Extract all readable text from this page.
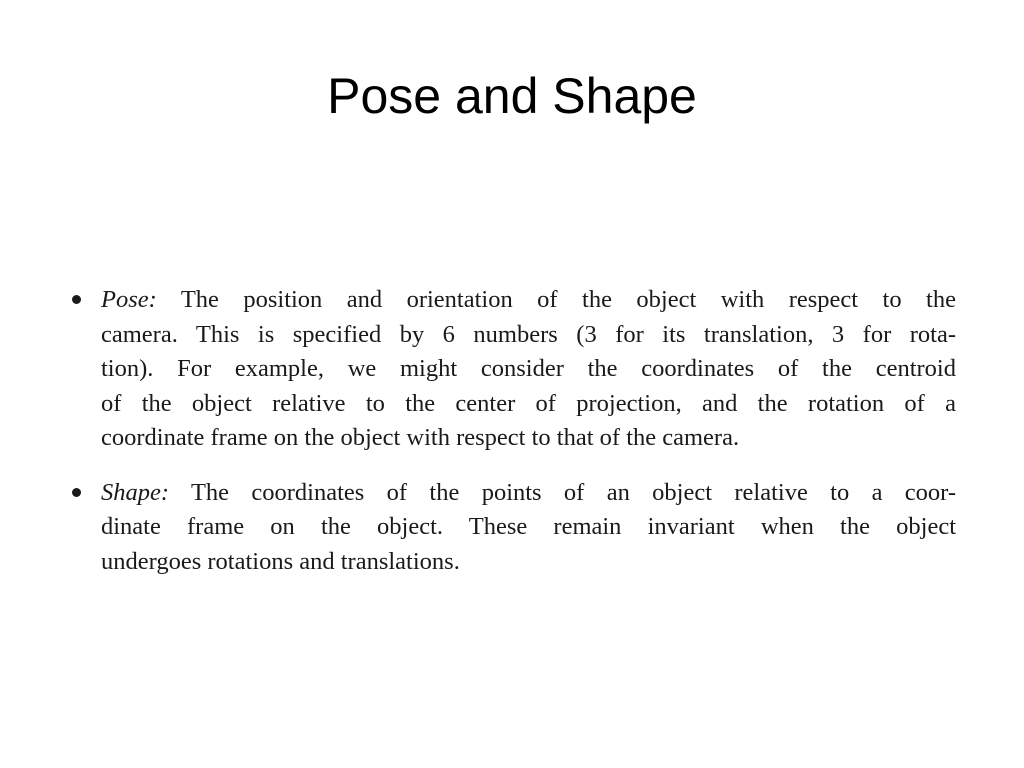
Pose and Shape
Pose: The position and orientation of the object with respect to the
camera. This is specified by 6 numbers (3 for its translation, 3 for rota-
tion). For example, we might consider the coordinates of the centroid
of the object relative to the center of projection, and the rotation of a
coordinate frame on the object with respect to that of the camera.
Shape: The coordinates of the points of an object relative to a coor-
dinate frame on the object. These remain invariant when the object
undergoes rotations and translations.
